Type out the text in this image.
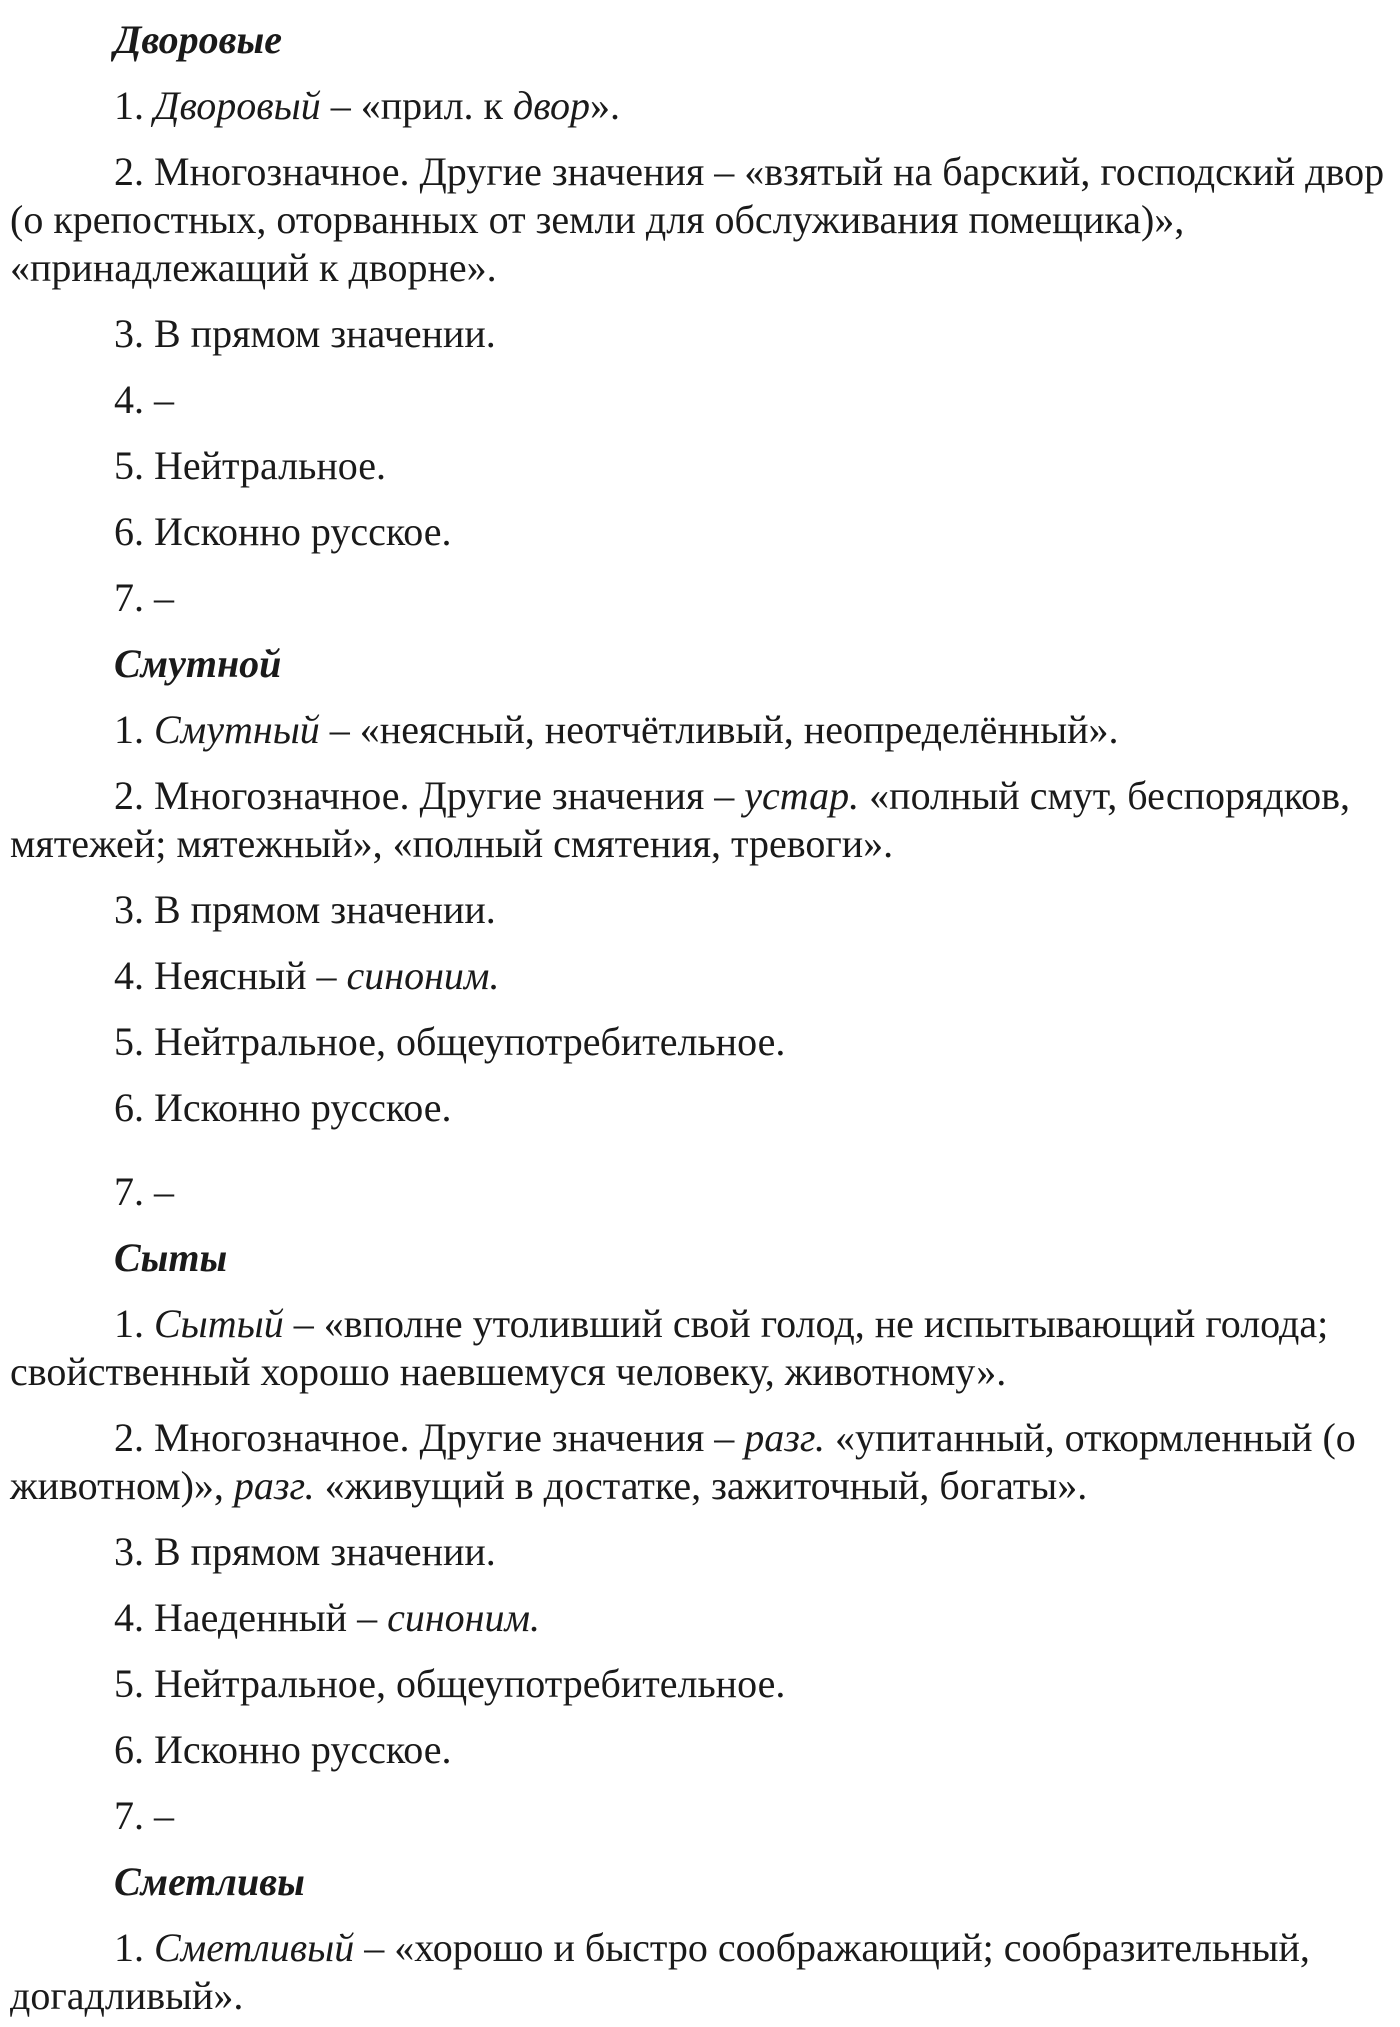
Дворовые

1. Дворовый – «прил. к двор».

2. Многозначное. Другие значения – «взятый на барский, господский двор (о крепостных, оторванных от земли для обслуживания помещика)», «принадлежащий к дворне».

3. В прямом значении.

4. –

5. Нейтральное.

6. Исконно русское.

7. –

Смутной

1. Смутный – «неясный, неотчётливый, неопределённый».

2. Многозначное. Другие значения – устар. «полный смут, беспорядков, мятежей; мятежный», «полный смятения, тревоги».

3. В прямом значении.

4. Неясный – синоним.

5. Нейтральное, общеупотребительное.

6. Исконно русское.

7. –

Сыты

1. Сытый – «вполне утоливший свой голод, не испытывающий голода; свойственный хорошо наевшемуся человеку, животному».

2. Многозначное. Другие значения – разг. «упитанный, откормленный (о животном)», разг. «живущий в достатке, зажиточный, богаты».

3. В прямом значении.

4. Наеденный – синоним.

5. Нейтральное, общеупотребительное.

6. Исконно русское.

7. –

Сметливы

1. Сметливый – «хорошо и быстро соображающий; сообразительный, догадливый».
